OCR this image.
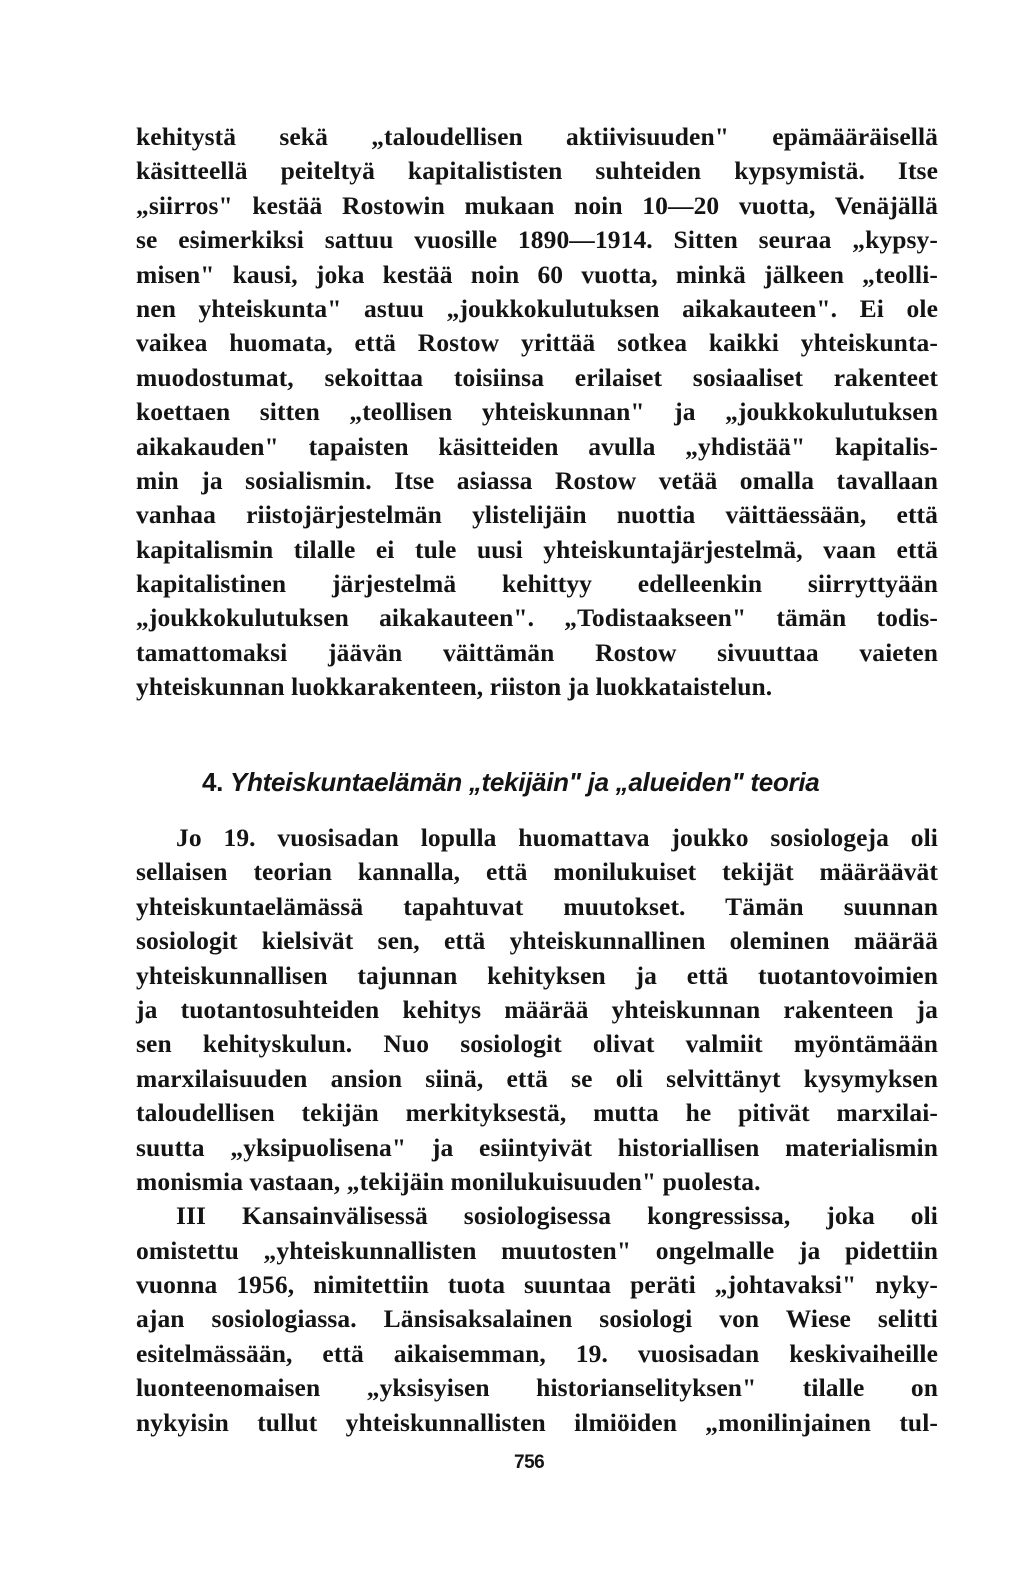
kehitystä sekä „taloudellisen aktiivisuuden" epämääräisellä
käsitteellä peiteltyä kapitalististen suhteiden kypsymistä. Itse
„siirros" kestää Rostowin mukaan noin 10—20 vuotta, Venäjällä
se esimerkiksi sattuu vuosille 1890—1914. Sitten seuraa „kypsy-
misen" kausi, joka kestää noin 60 vuotta, minkä jälkeen „teolli-
nen yhteiskunta" astuu „joukkokulutuksen aikakauteen". Ei ole
vaikea huomata, että Rostow yrittää sotkea kaikki yhteiskunta-
muodostumat, sekoittaa toisiinsa erilaiset sosiaaliset rakenteet
koettaen sitten „teollisen yhteiskunnan" ja „joukkokulutuksen
aikakauden" tapaisten käsitteiden avulla „yhdistää" kapitalis-
min ja sosialismin. Itse asiassa Rostow vetää omalla tavallaan
vanhaa riistojärjestelmän ylistelijäin nuottia väittäessään, että
kapitalismin tilalle ei tule uusi yhteiskuntajärjestelmä, vaan että
kapitalistinen järjestelmä kehittyy edelleenkin siirryttyään
„joukkokulutuksen aikakauteen". „Todistaakseen" tämän todis-
tamattomaksi jäävän väittämän Rostow sivuuttaa vaieten
yhteiskunnan luokkarakenteen, riiston ja luokkataistelun.
4. Yhteiskuntaelämän „tekijäin" ja „alueiden" teoria
Jo 19. vuosisadan lopulla huomattava joukko sosiologeja oli
sellaisen teorian kannalla, että monilukuiset tekijät määräävät
yhteiskuntaelämässä tapahtuvat muutokset. Tämän suunnan
sosiologit kielsivät sen, että yhteiskunnallinen oleminen määrää
yhteiskunnallisen tajunnan kehityksen ja että tuotantovoimien
ja tuotantosuhteiden kehitys määrää yhteiskunnan rakenteen ja
sen kehityskulun. Nuo sosiologit olivat valmiit myöntämään
marxilaisuuden ansion siinä, että se oli selvittänyt kysymyksen
taloudellisen tekijän merkityksestä, mutta he pitivät marxilai-
suutta „yksipuolisena" ja esiintyivät historiallisen materialismin
monismia vastaan, „tekijäin monilukuisuuden" puolesta.
III Kansainvälisessä sosiologisessa kongressissa, joka oli
omistettu „yhteiskunnallisten muutosten" ongelmalle ja pidettiin
vuonna 1956, nimitettiin tuota suuntaa peräti „johtavaksi" nyky-
ajan sosiologiassa. Länsisaksalainen sosiologi von Wiese selitti
esitelmässään, että aikaisemman, 19. vuosisadan keskivaiheille
luonteenomaisen „yksisyisen historianselityksen" tilalle on
nykyisin tullut yhteiskunnallisten ilmiöiden „monilinjainen tul-
756
